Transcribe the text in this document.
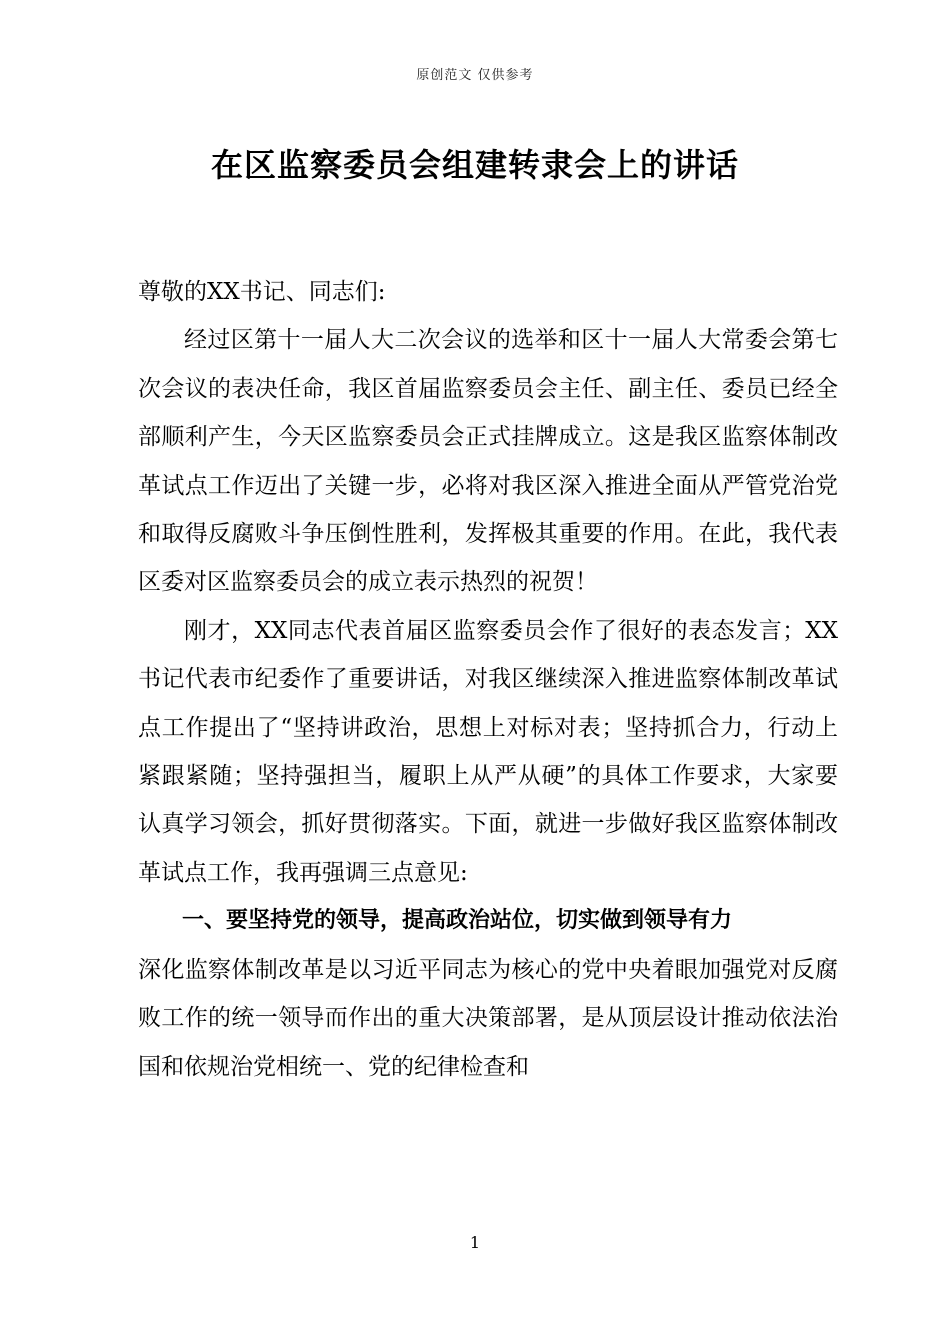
原创范文 仅供参考
在区监察委员会组建转隶会上的讲话

尊敬的XX书记、同志们:

经过区第十一届人大二次会议的选举和区十一届人大常委会第七次会议的表决任命，我区首届监察委员会主任、副主任、委员已经全部顺利产生，今天区监察委员会正式挂牌成立。这是我区监察体制改革试点工作迈出了关键一步，必将对我区深入推进全面从严管党治党和取得反腐败斗争压倒性胜利，发挥极其重要的作用。在此，我代表区委对区监察委员会的成立表示热烈的祝贺！

刚才，XX同志代表首届区监察委员会作了很好的表态发言；XX书记代表市纪委作了重要讲话，对我区继续深入推进监察体制改革试点工作提出了“坚持讲政治，思想上对标对表；坚持抓合力，行动上紧跟紧随；坚持强担当，履职上从严从硬”的具体工作要求，大家要认真学习领会，抓好贯彻落实。下面，就进一步做好我区监察体制改革试点工作，我再强调三点意见:

一、要坚持党的领导，提高政治站位，切实做到领导有力

深化监察体制改革是以习近平同志为核心的党中央着眼加强党对反腐败工作的统一领导而作出的重大决策部署，是从顶层设计推动依法治国和依规治党相统一、党的纪律检查和

1
